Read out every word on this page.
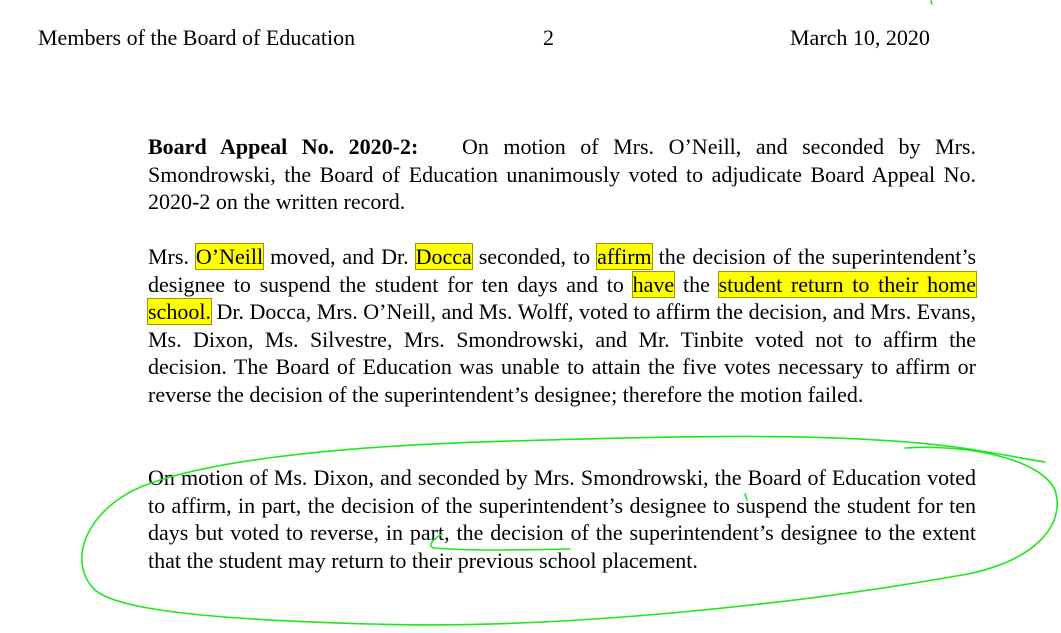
Members of the Board of Education	2	March 10, 2020
Board Appeal No. 2020-2: On motion of Mrs. O’Neill, and seconded by Mrs. Smondrowski, the Board of Education unanimously voted to adjudicate Board Appeal No. 2020-2 on the written record.
Mrs. O’Neill moved, and Dr. Docca seconded, to affirm the decision of the superintendent’s designee to suspend the student for ten days and to have the student return to their home school. Dr. Docca, Mrs. O’Neill, and Ms. Wolff, voted to affirm the decision, and Mrs. Evans, Ms. Dixon, Ms. Silvestre, Mrs. Smondrowski, and Mr. Tinbite voted not to affirm the decision. The Board of Education was unable to attain the five votes necessary to affirm or reverse the decision of the superintendent’s designee; therefore the motion failed.
On motion of Ms. Dixon, and seconded by Mrs. Smondrowski, the Board of Education voted to affirm, in part, the decision of the superintendent’s designee to suspend the student for ten days but voted to reverse, in part, the decision of the superintendent’s designee to the extent that the student may return to their previous school placement.
